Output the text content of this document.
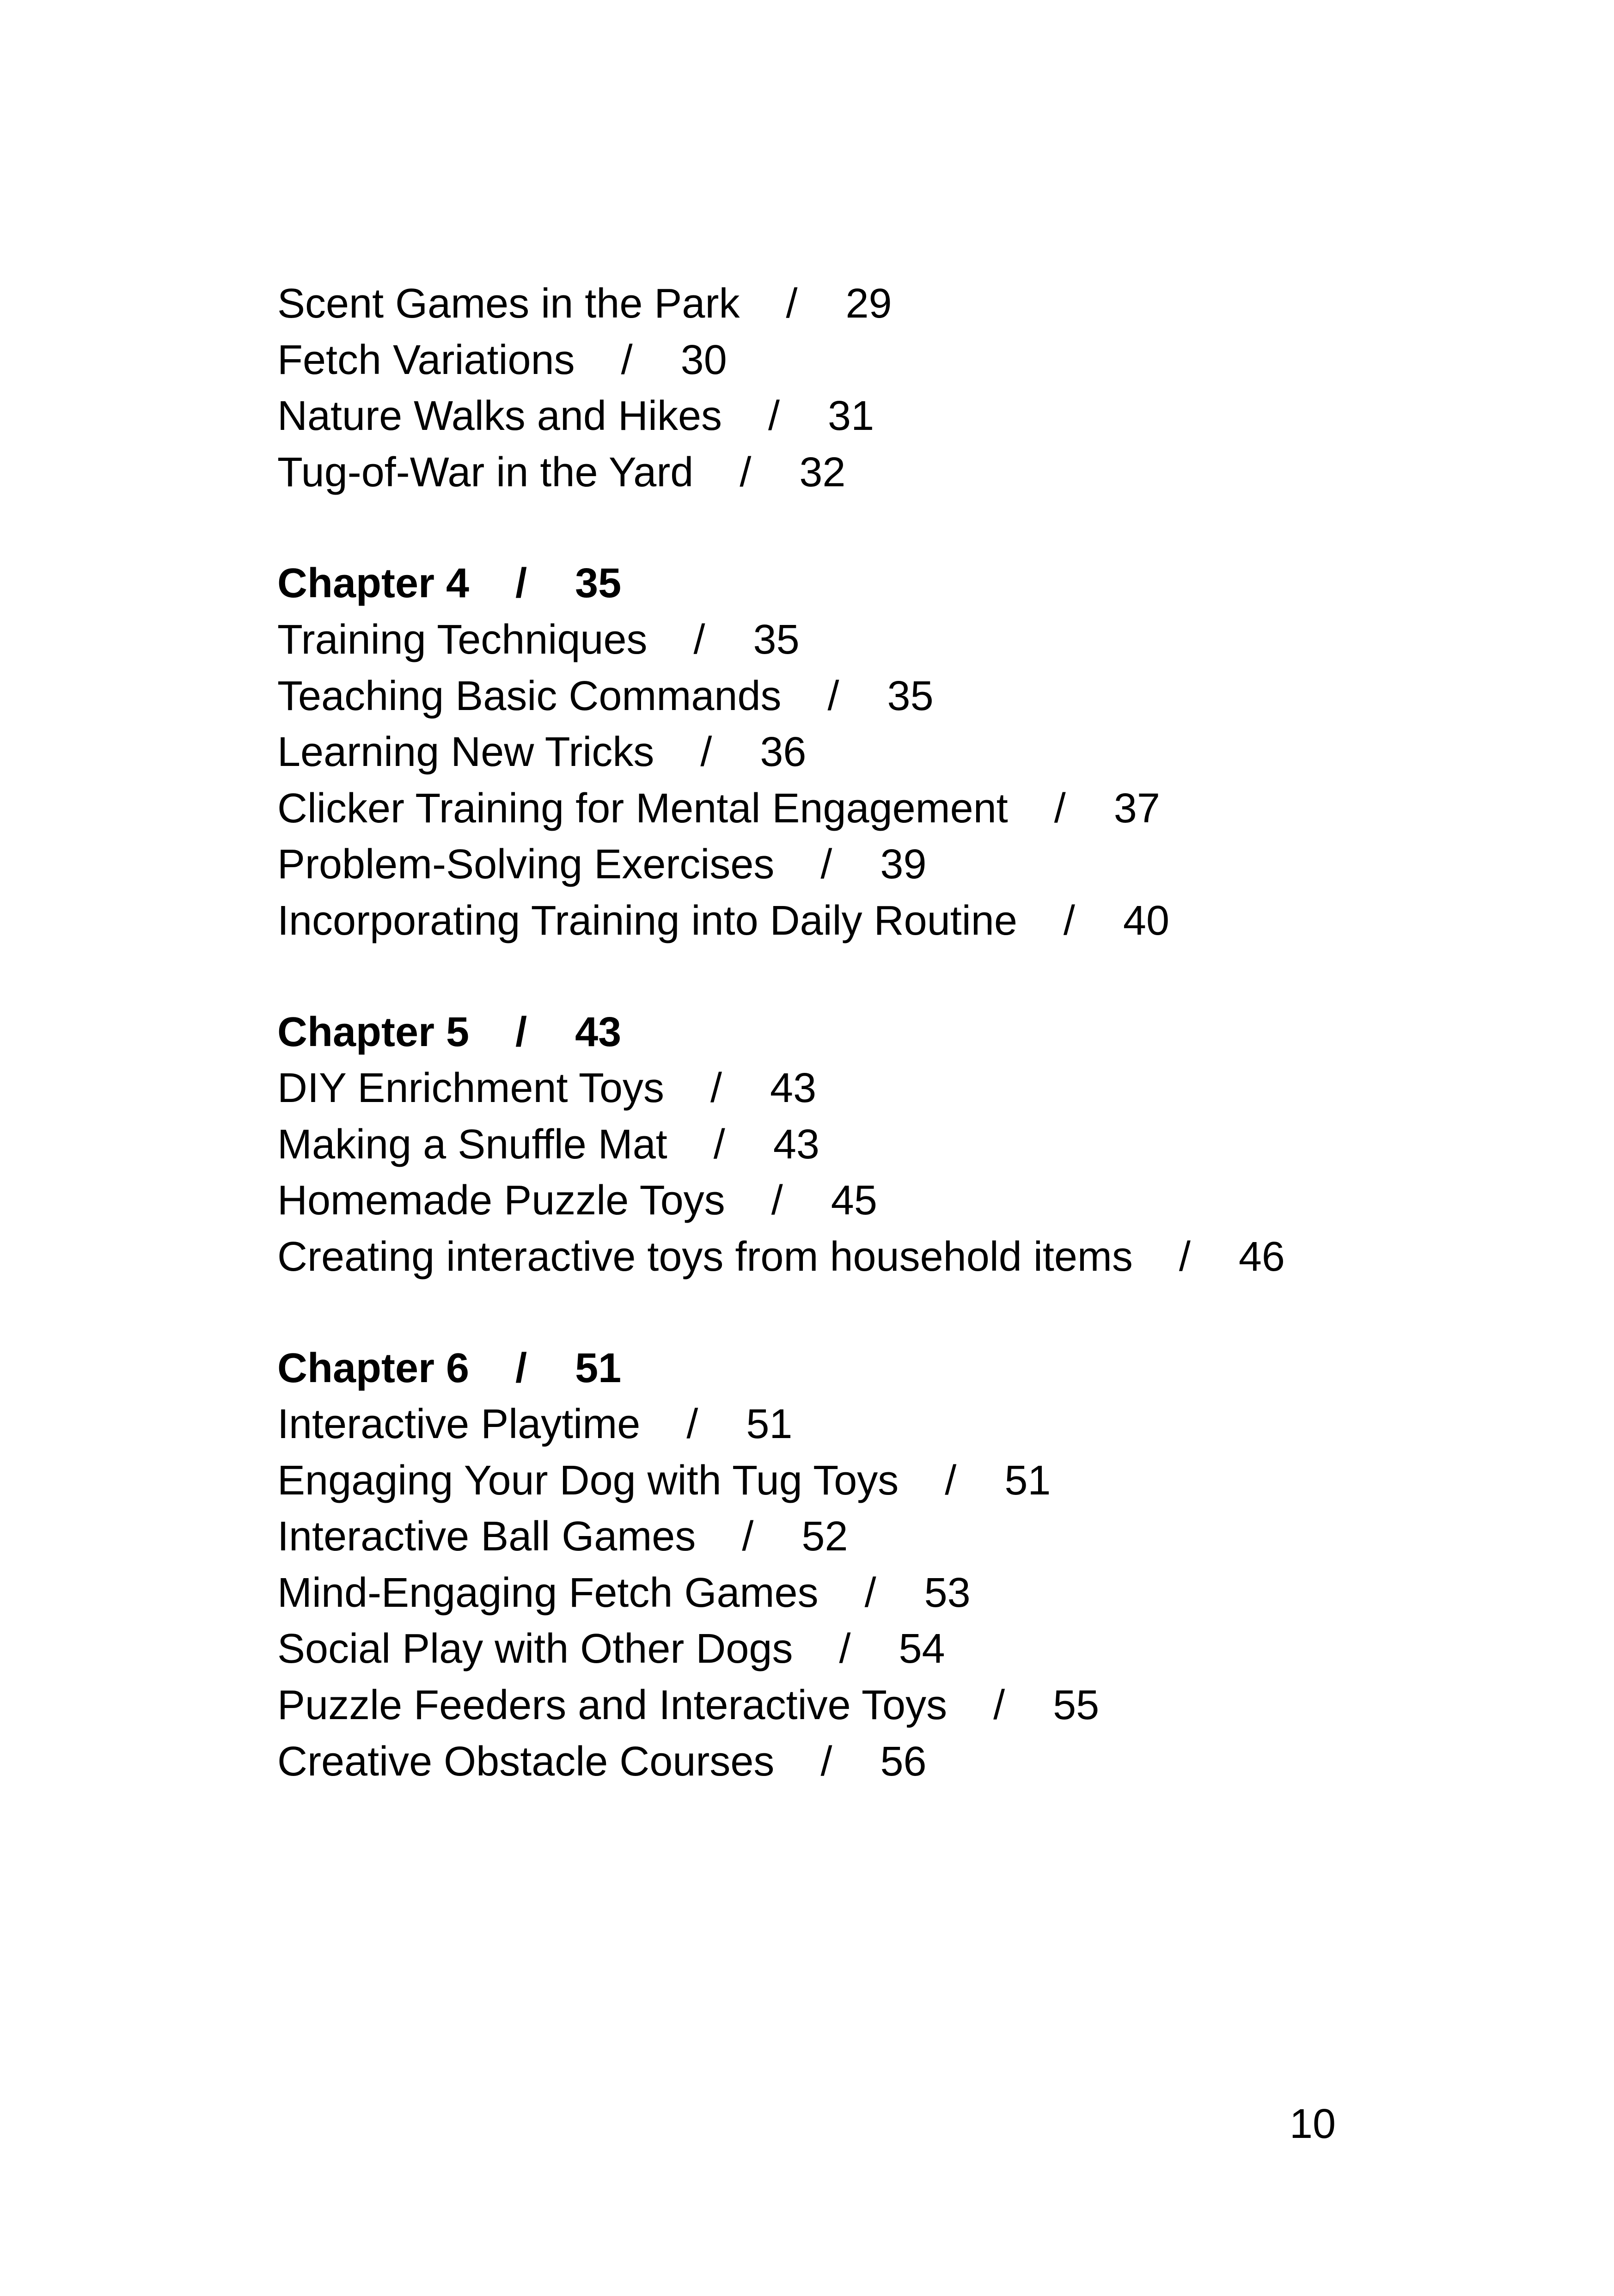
Scent Games in the Park / 29
Fetch Variations / 30
Nature Walks and Hikes / 31
Tug-of-War in the Yard / 32
Chapter 4 / 35
Training Techniques / 35
Teaching Basic Commands / 35
Learning New Tricks / 36
Clicker Training for Mental Engagement / 37
Problem-Solving Exercises / 39
Incorporating Training into Daily Routine / 40
Chapter 5 / 43
DIY Enrichment Toys / 43
Making a Snuffle Mat / 43
Homemade Puzzle Toys / 45
Creating interactive toys from household items / 46
Chapter 6 / 51
Interactive Playtime / 51
Engaging Your Dog with Tug Toys / 51
Interactive Ball Games / 52
Mind-Engaging Fetch Games / 53
Social Play with Other Dogs / 54
Puzzle Feeders and Interactive Toys / 55
Creative Obstacle Courses / 56
10
